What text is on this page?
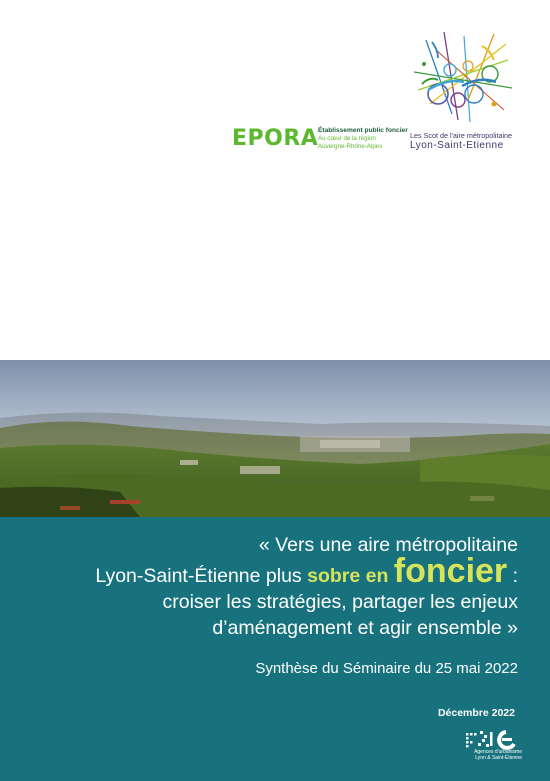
Les Scot de l'aire métropolitaine
Lyon-Saint-Etienne
EPORA Établissement public foncier
Au cœur de la région
Auvergne-Rhône-Alpes
« Vers une aire métropolitaine
Lyon-Saint-Étienne plus sobre en foncier :
croiser les stratégies, partager les enjeux
d’aménagement et agir ensemble »
Synthèse du Séminaire du 25 mai 2022
Décembre 2022
Agences d'urbanisme
Lyon & Saint-Étienne
